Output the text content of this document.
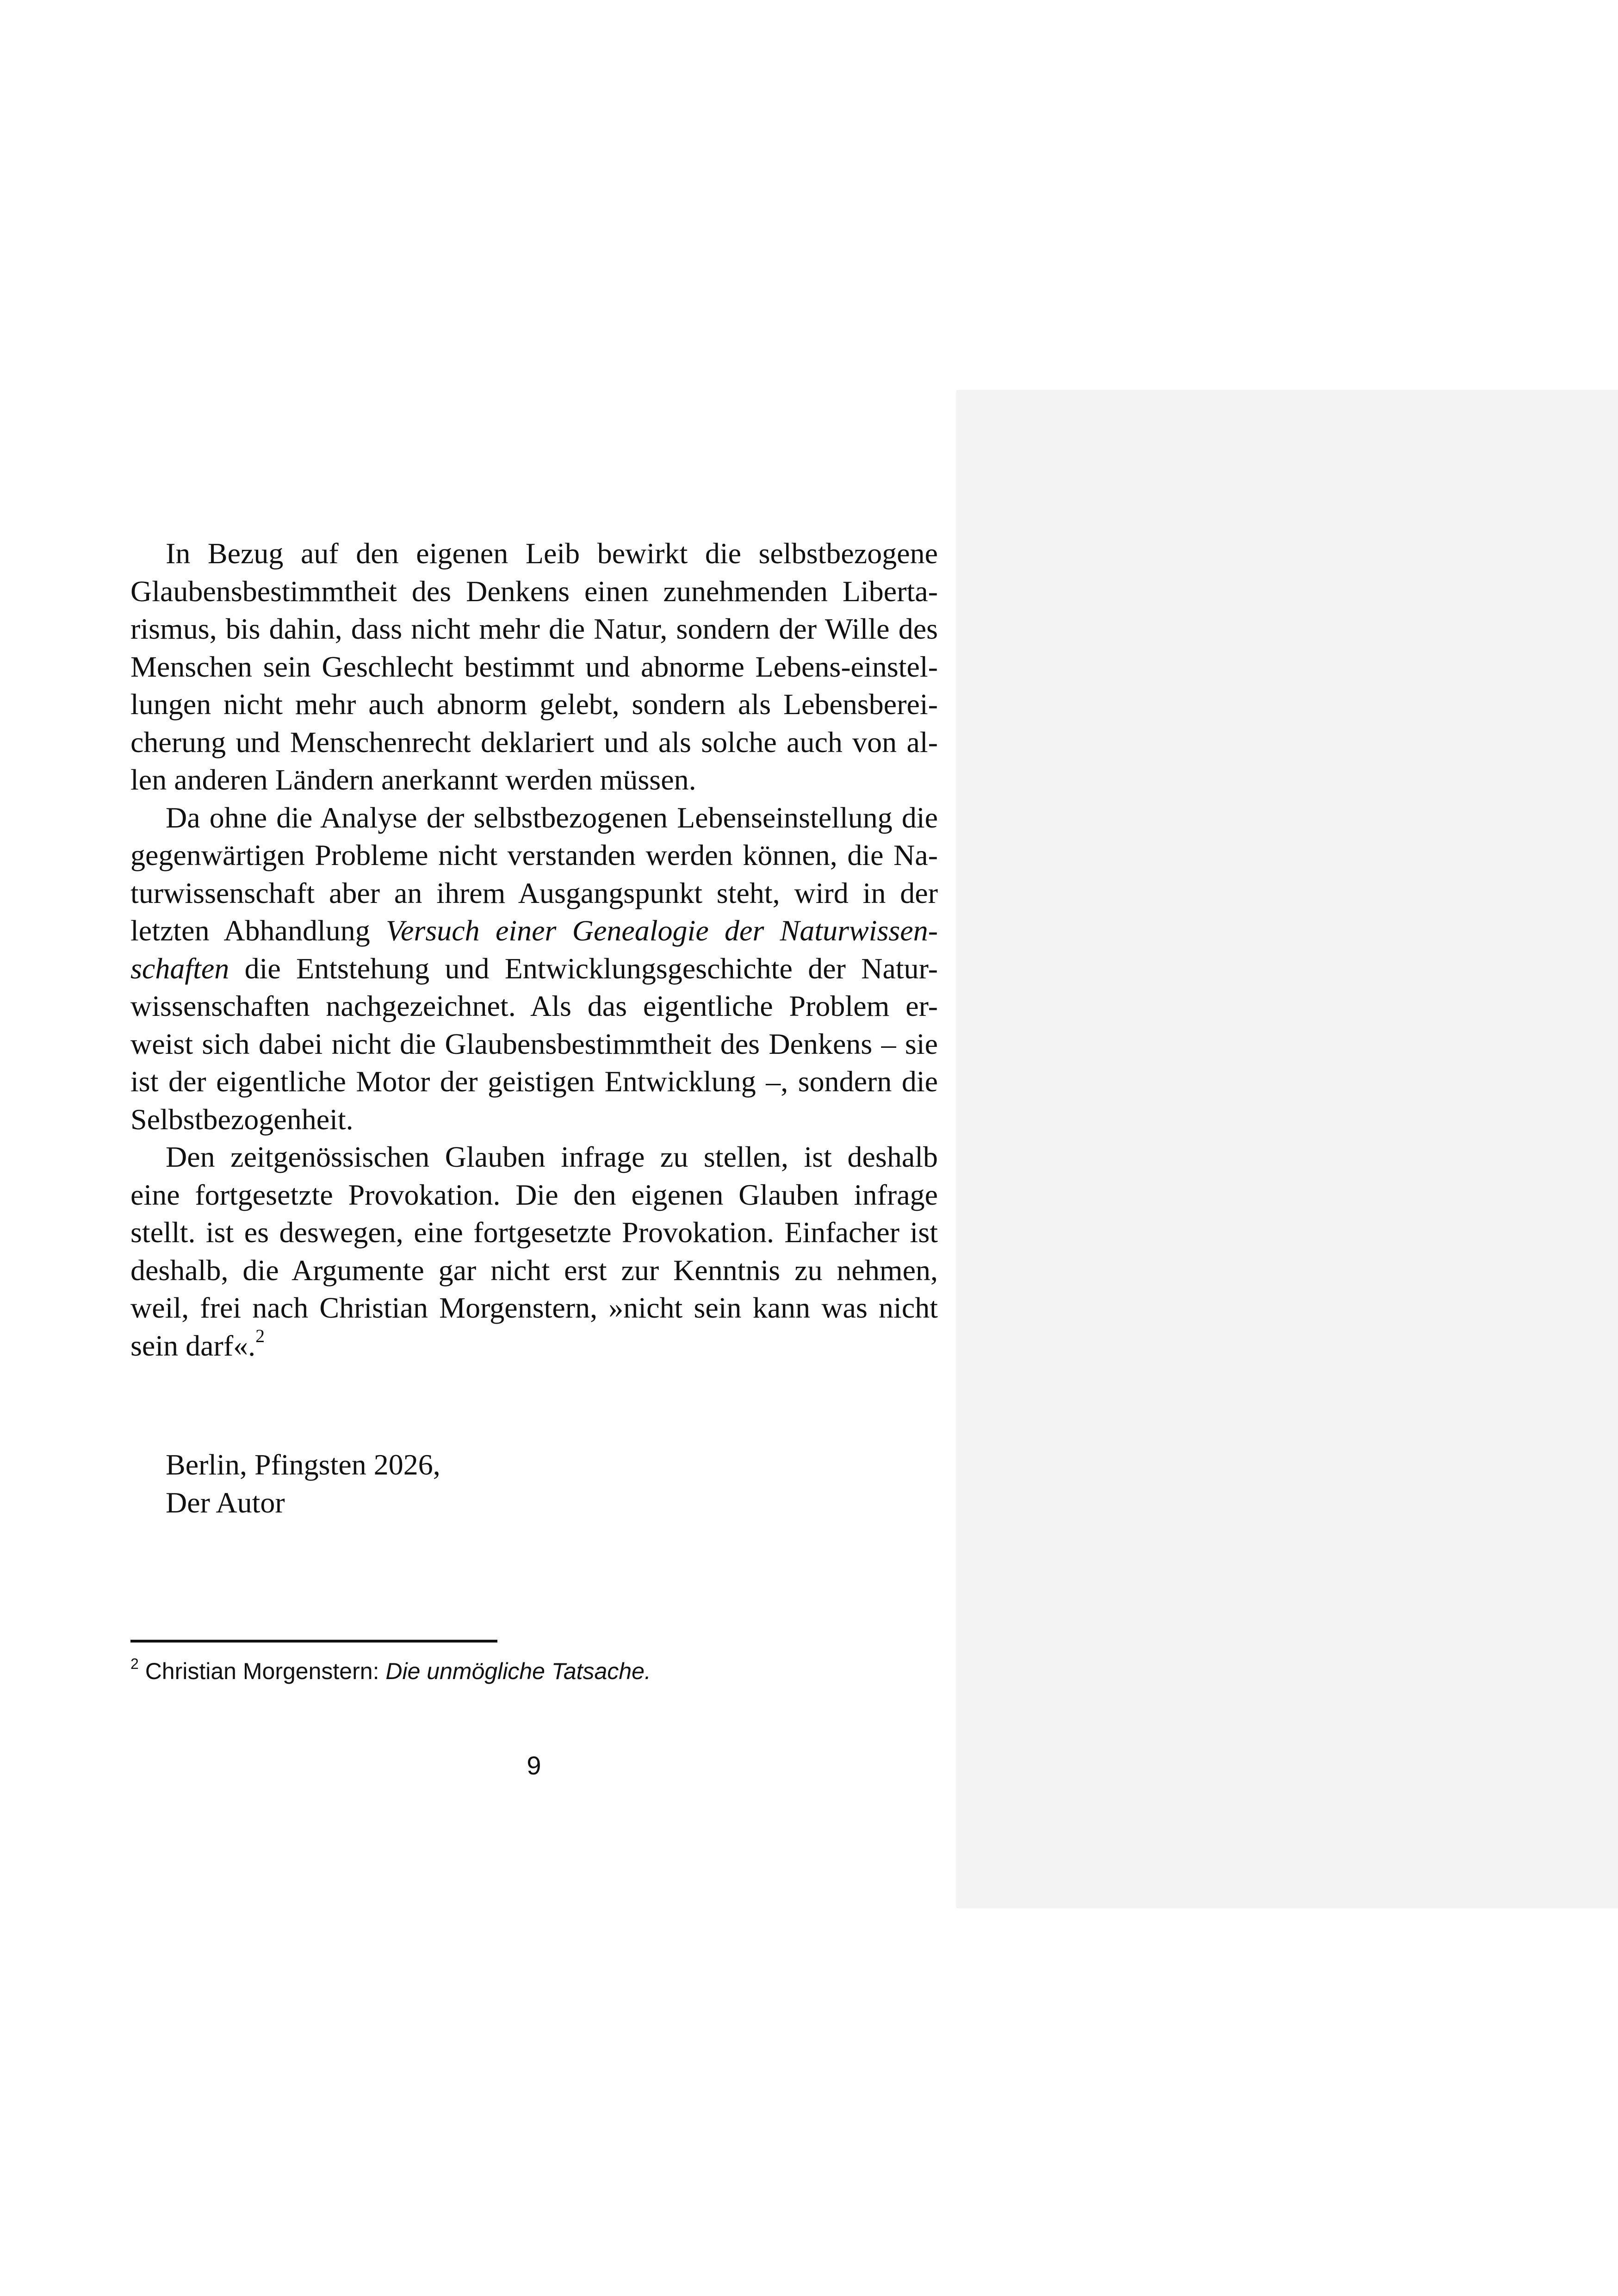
In Bezug auf den eigenen Leib bewirkt die selbstbezogene
Glaubensbestimmtheit des Denkens einen zunehmenden Liberta-
rismus, bis dahin, dass nicht mehr die Natur, sondern der Wille des
Menschen sein Geschlecht bestimmt und abnorme Lebens-einstel-
lungen nicht mehr auch abnorm gelebt, sondern als Lebensberei-
cherung und Menschenrecht deklariert und als solche auch von al-
len anderen Ländern anerkannt werden müssen.
Da ohne die Analyse der selbstbezogenen Lebenseinstellung die
gegenwärtigen Probleme nicht verstanden werden können, die Na-
turwissenschaft aber an ihrem Ausgangspunkt steht, wird in der
letzten Abhandlung Versuch einer Genealogie der Naturwissen-
schaften die Entstehung und Entwicklungsgeschichte der Natur-
wissenschaften nachgezeichnet. Als das eigentliche Problem er-
weist sich dabei nicht die Glaubensbestimmtheit des Denkens – sie
ist der eigentliche Motor der geistigen Entwicklung –, sondern die
Selbstbezogenheit.
Den zeitgenössischen Glauben infrage zu stellen, ist deshalb
eine fortgesetzte Provokation. Die den eigenen Glauben infrage
stellt. ist es deswegen, eine fortgesetzte Provokation. Einfacher ist
deshalb, die Argumente gar nicht erst zur Kenntnis zu nehmen,
weil, frei nach Christian Morgenstern, »nicht sein kann was nicht
sein darf«.$^2$
Berlin, Pfingsten 2026,
Der Autor
$^2$ Christian Morgenstern: Die unmögliche Tatsache.
9
